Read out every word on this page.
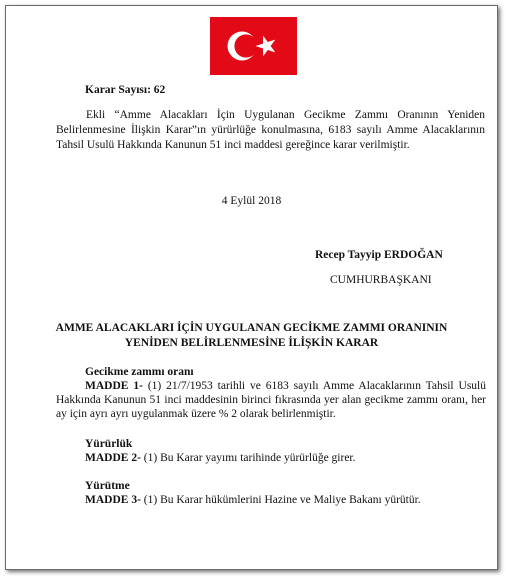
Karar Sayısı: 62
Ekli “Amme Alacakları İçin Uygulanan Gecikme Zammı Oranının Yeniden Belirlenmesine İlişkin Karar”ın yürürlüğe konulmasına, 6183 sayılı Amme Alacaklarının Tahsil Usulü Hakkında Kanunun 51 inci maddesi gereğince karar verilmiştir.
4 Eylül 2018
Recep Tayyip ERDOĞAN
CUMHURBAŞKANI
AMME ALACAKLARI İÇİN UYGULANAN GECİKME ZAMMI ORANININ
YENİDEN BELİRLENMESİNE İLİŞKİN KARAR
Gecikme zammı oranı
MADDE 1- (1) 21/7/1953 tarihli ve 6183 sayılı Amme Alacaklarının Tahsil Usulü Hakkında Kanunun 51 inci maddesinin birinci fıkrasında yer alan gecikme zammı oranı, her ay için ayrı ayrı uygulanmak üzere % 2 olarak belirlenmiştir.
Yürürlük
MADDE 2- (1) Bu Karar yayımı tarihinde yürürlüğe girer.
Yürütme
MADDE 3- (1) Bu Karar hükümlerini Hazine ve Maliye Bakanı yürütür.
